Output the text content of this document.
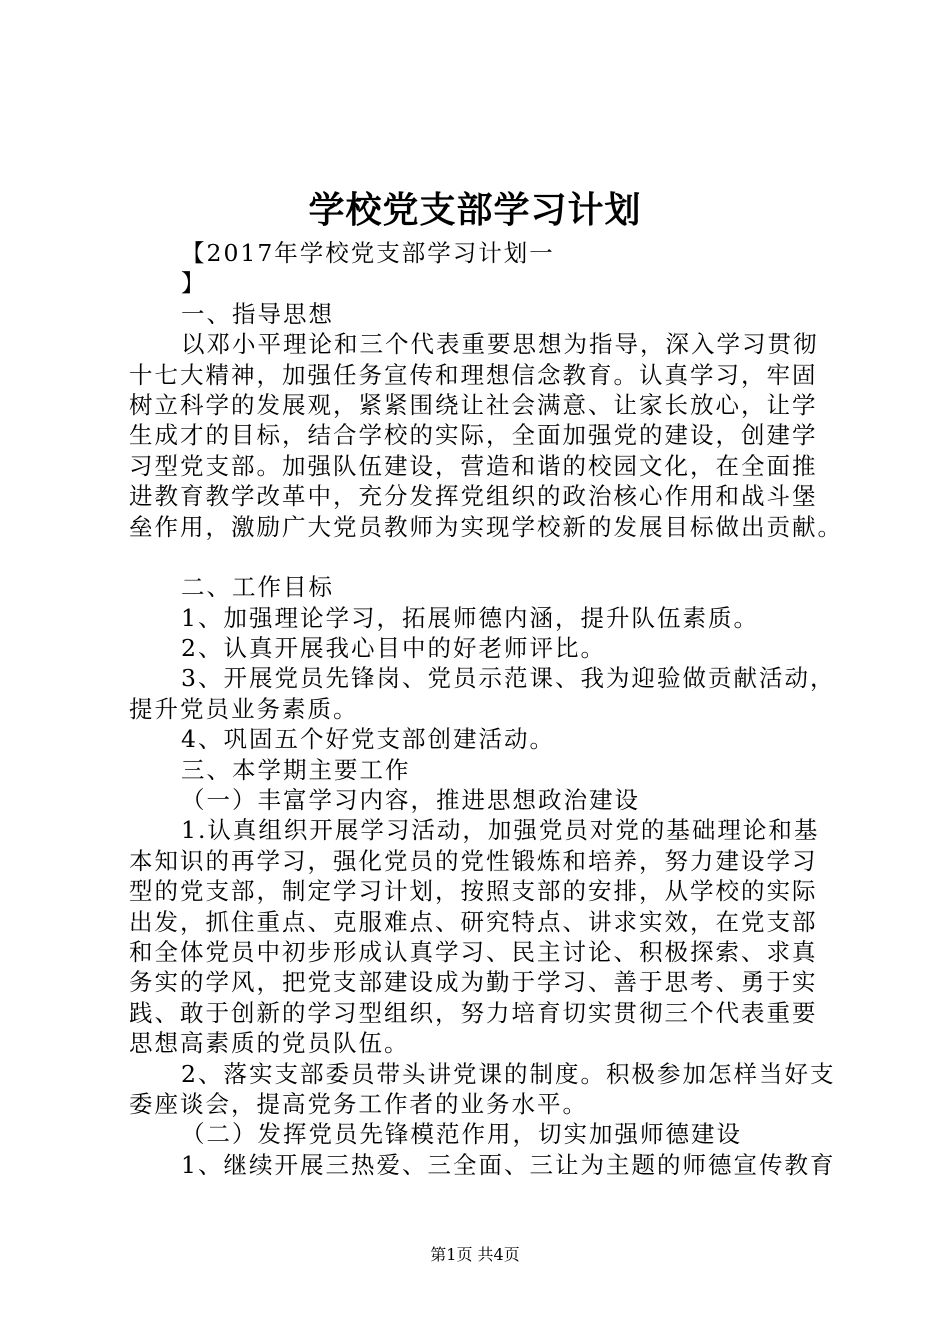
学校党支部学习计划
【2017年学校党支部学习计划一
】
一、指导思想
以邓小平理论和三个代表重要思想为指导，深入学习贯彻
十七大精神，加强任务宣传和理想信念教育。认真学习，牢固
树立科学的发展观，紧紧围绕让社会满意、让家长放心，让学
生成才的目标，结合学校的实际，全面加强党的建设，创建学
习型党支部。加强队伍建设，营造和谐的校园文化，在全面推
进教育教学改革中，充分发挥党组织的政治核心作用和战斗堡
垒作用，激励广大党员教师为实现学校新的发展目标做出贡献。
二、工作目标
1、加强理论学习，拓展师德内涵，提升队伍素质。
2、认真开展我心目中的好老师评比。
3、开展党员先锋岗、党员示范课、我为迎验做贡献活动，
提升党员业务素质。
4、巩固五个好党支部创建活动。
三、本学期主要工作
（一）丰富学习内容，推进思想政治建设
1.认真组织开展学习活动，加强党员对党的基础理论和基
本知识的再学习，强化党员的党性锻炼和培养，努力建设学习
型的党支部，制定学习计划，按照支部的安排，从学校的实际
出发，抓住重点、克服难点、研究特点、讲求实效，在党支部
和全体党员中初步形成认真学习、民主讨论、积极探索、求真
务实的学风，把党支部建设成为勤于学习、善于思考、勇于实
践、敢于创新的学习型组织，努力培育切实贯彻三个代表重要
思想高素质的党员队伍。
2、落实支部委员带头讲党课的制度。积极参加怎样当好支
委座谈会，提高党务工作者的业务水平。
（二）发挥党员先锋模范作用，切实加强师德建设
1、继续开展三热爱、三全面、三让为主题的师德宣传教育
第1页 共4页
